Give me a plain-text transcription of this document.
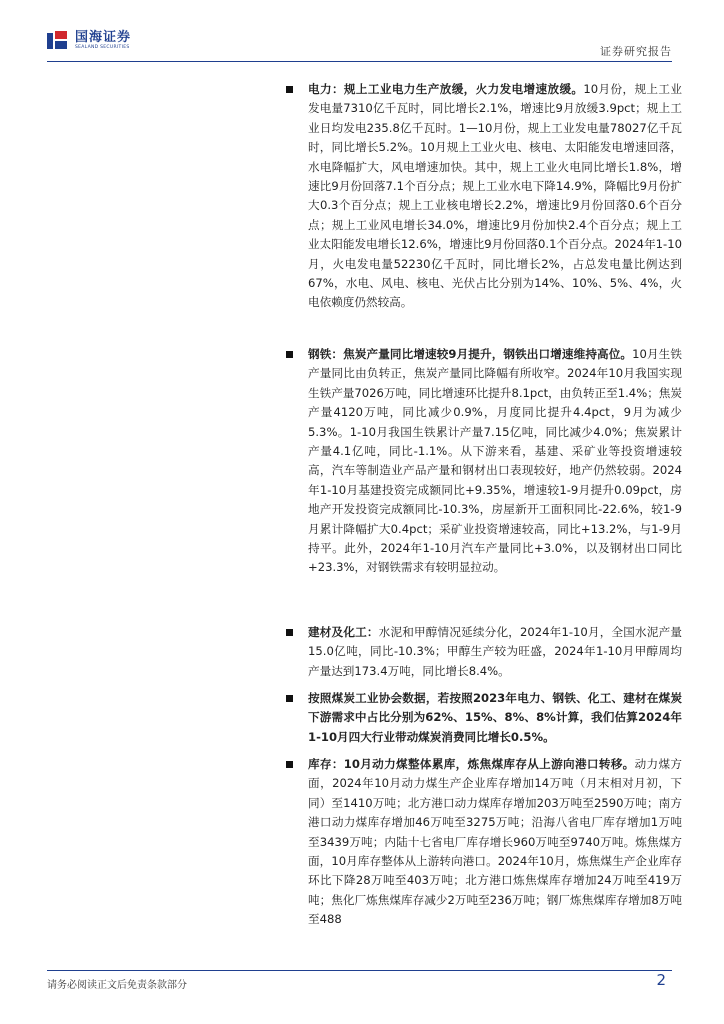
国海证券
SEALAND SECURITIES	证券研究报告
电力：规上工业电力生产放缓，火力发电增速放缓。10月份，规上工业发电量7310亿千瓦时，同比增长2.1%，增速比9月放缓3.9pct；规上工业日均发电235.8亿千瓦时。1—10月份，规上工业发电量78027亿千瓦时，同比增长5.2%。10月规上工业火电、核电、太阳能发电增速回落，水电降幅扩大，风电增速加快。其中，规上工业火电同比增长1.8%，增速比9月份回落7.1个百分点；规上工业水电下降14.9%，降幅比9月份扩大0.3个百分点；规上工业核电增长2.2%，增速比9月份回落0.6个百分点；规上工业风电增长34.0%，增速比9月份加快2.4个百分点；规上工业太阳能发电增长12.6%，增速比9月份回落0.1个百分点。2024年1-10月，火电发电量52230亿千瓦时，同比增长2%，占总发电量比例达到67%，水电、风电、核电、光伏占比分别为14%、10%、5%、4%，火电依赖度仍然较高。
钢铁：焦炭产量同比增速较9月提升，钢铁出口增速维持高位。10月生铁产量同比由负转正，焦炭产量同比降幅有所收窄。2024年10月我国实现生铁产量7026万吨，同比增速环比提升8.1pct，由负转正至1.4%；焦炭产量4120万吨，同比减少0.9%，月度同比提升4.4pct，9月为减少5.3%。1-10月我国生铁累计产量7.15亿吨，同比减少4.0%；焦炭累计产量4.1亿吨，同比-1.1%。从下游来看，基建、采矿业等投资增速较高，汽车等制造业产品产量和钢材出口表现较好，地产仍然较弱。2024年1-10月基建投资完成额同比+9.35%，增速较1-9月提升0.09pct，房地产开发投资完成额同比-10.3%，房屋新开工面积同比-22.6%，较1-9月累计降幅扩大0.4pct；采矿业投资增速较高，同比+13.2%，与1-9月持平。此外，2024年1-10月汽车产量同比+3.0%，以及钢材出口同比+23.3%，对钢铁需求有较明显拉动。
建材及化工：水泥和甲醇情况延续分化，2024年1-10月，全国水泥产量15.0亿吨，同比-10.3%；甲醇生产较为旺盛，2024年1-10月甲醇周均产量达到173.4万吨，同比增长8.4%。
按照煤炭工业协会数据，若按照2023年电力、钢铁、化工、建材在煤炭下游需求中占比分别为62%、15%、8%、8%计算，我们估算2024年1-10月四大行业带动煤炭消费同比增长0.5%。
库存：10月动力煤整体累库，炼焦煤库存从上游向港口转移。动力煤方面，2024年10月动力煤生产企业库存增加14万吨（月末相对月初，下同）至1410万吨；北方港口动力煤库存增加203万吨至2590万吨；南方港口动力煤库存增加46万吨至3275万吨；沿海八省电厂库存增加1万吨至3439万吨；内陆十七省电厂库存增长960万吨至9740万吨。炼焦煤方面，10月库存整体从上游转向港口。2024年10月，炼焦煤生产企业库存环比下降28万吨至403万吨；北方港口炼焦煤库存增加24万吨至419万吨；焦化厂炼焦煤库存减少2万吨至236万吨；钢厂炼焦煤库存增加8万吨至488
请务必阅读正文后免责条款部分	2
